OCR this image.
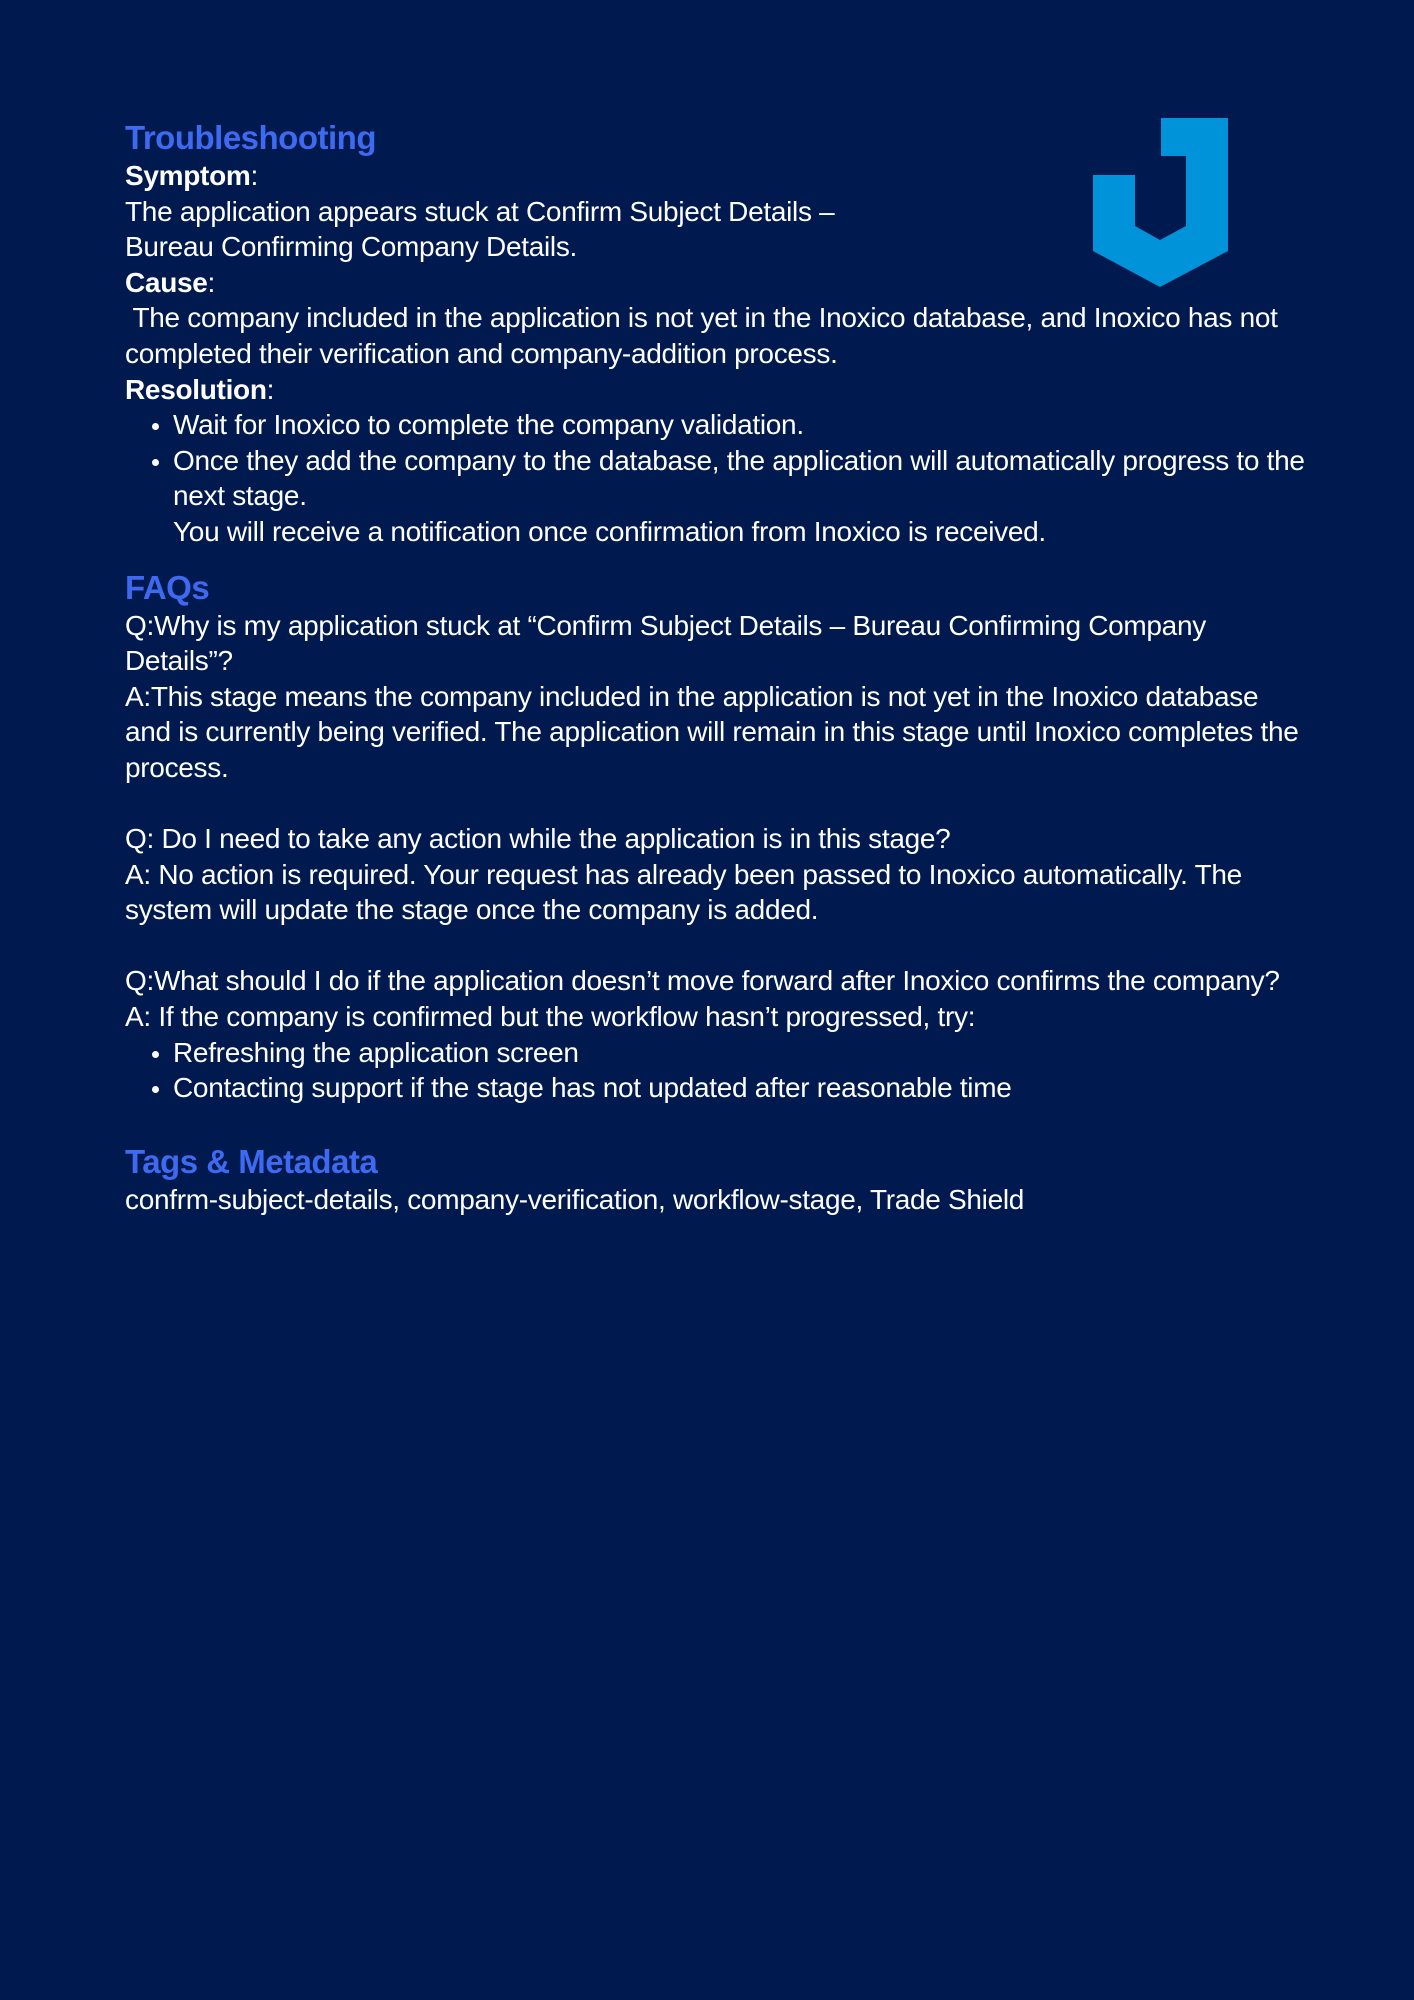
Troubleshooting

Symptom:

The application appears stuck at Confirm Subject Details – Bureau Confirming Company Details.

Cause:

The company included in the application is not yet in the Inoxico database, and Inoxico has not completed their verification and company-addition process.

Resolution:

• Wait for Inoxico to complete the company validation.
• Once they add the company to the database, the application will automatically progress to the next stage.
You will receive a notification once confirmation from Inoxico is received.
FAQs

Q:Why is my application stuck at “Confirm Subject Details – Bureau Confirming Company Details”?

A:This stage means the company included in the application is not yet in the Inoxico database and is currently being verified. The application will remain in this stage until Inoxico completes the process.

Q: Do I need to take any action while the application is in this stage?

A: No action is required. Your request has already been passed to Inoxico automatically. The system will update the stage once the company is added.

Q:What should I do if the application doesn’t move forward after Inoxico confirms the company?

A: If the company is confirmed but the workflow hasn’t progressed, try:

• Refreshing the application screen
• Contacting support if the stage has not updated after reasonable time
Tags & Metadata

confrm-subject-details, company-verification, workflow-stage, Trade Shield
